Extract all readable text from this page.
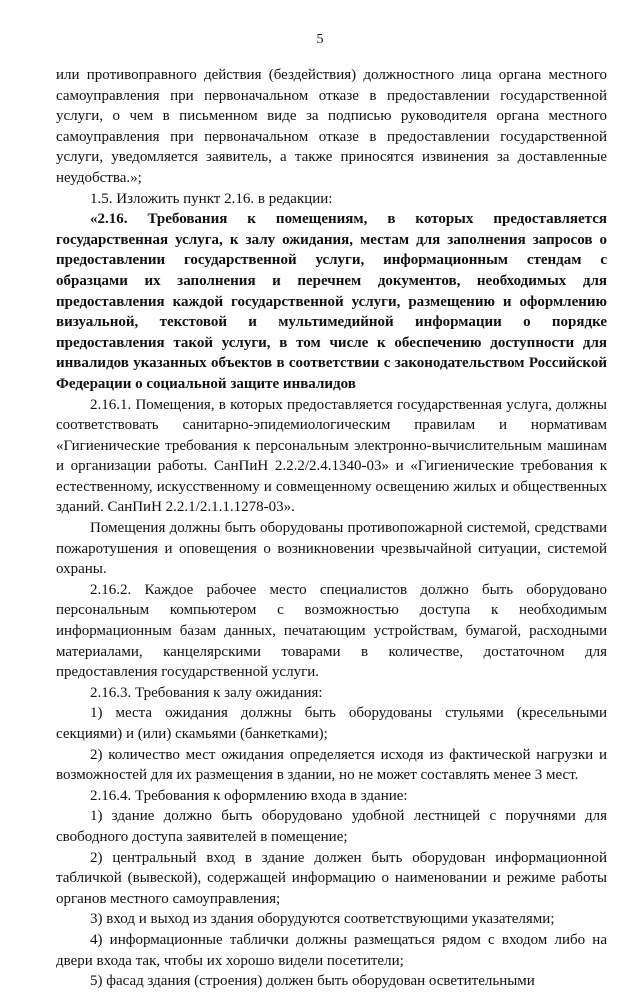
5

или противоправного действия (бездействия) должностного лица органа местного самоуправления при первоначальном отказе в предоставлении государственной услуги, о чем в письменном виде за подписью руководителя органа местного самоуправления при первоначальном отказе в предоставлении государственной услуги, уведомляется заявитель, а также приносятся извинения за доставленные неудобства.»;

1.5. Изложить пункт 2.16. в редакции:

«2.16. Требования к помещениям, в которых предоставляется государственная услуга, к залу ожидания, местам для заполнения запросов о предоставлении государственной услуги, информационным стендам с образцами их заполнения и перечнем документов, необходимых для предоставления каждой государственной услуги, размещению и оформлению визуальной, текстовой и мультимедийной информации о порядке предоставления такой услуги, в том числе к обеспечению доступности для инвалидов указанных объектов в соответствии с законодательством Российской Федерации о социальной защите инвалидов

2.16.1. Помещения, в которых предоставляется государственная услуга, должны соответствовать санитарно-эпидемиологическим правилам и нормативам «Гигиенические требования к персональным электронно-вычислительным машинам и организации работы. СанПиН 2.2.2/2.4.1340-03» и «Гигиенические требования к естественному, искусственному и совмещенному освещению жилых и общественных зданий. СанПиН 2.2.1/2.1.1.1278-03».

Помещения должны быть оборудованы противопожарной системой, средствами пожаротушения и оповещения о возникновении чрезвычайной ситуации, системой охраны.

2.16.2. Каждое рабочее место специалистов должно быть оборудовано персональным компьютером с возможностью доступа к необходимым информационным базам данных, печатающим устройствам, бумагой, расходными материалами, канцелярскими товарами в количестве, достаточном для предоставления государственной услуги.

2.16.3. Требования к залу ожидания:

1) места ожидания должны быть оборудованы стульями (кресельными секциями) и (или) скамьями (банкетками);

2) количество мест ожидания определяется исходя из фактической нагрузки и возможностей для их размещения в здании, но не может составлять менее 3 мест.

2.16.4. Требования к оформлению входа в здание:

1) здание должно быть оборудовано удобной лестницей с поручнями для свободного доступа заявителей в помещение;

2) центральный вход в здание должен быть оборудован информационной табличкой (вывеской), содержащей информацию о наименовании и режиме работы органов местного самоуправления;

3) вход и выход из здания оборудуются соответствующими указателями;

4) информационные таблички должны размещаться рядом с входом либо на двери входа так, чтобы их хорошо видели посетители;

5) фасад здания (строения) должен быть оборудован осветительными
